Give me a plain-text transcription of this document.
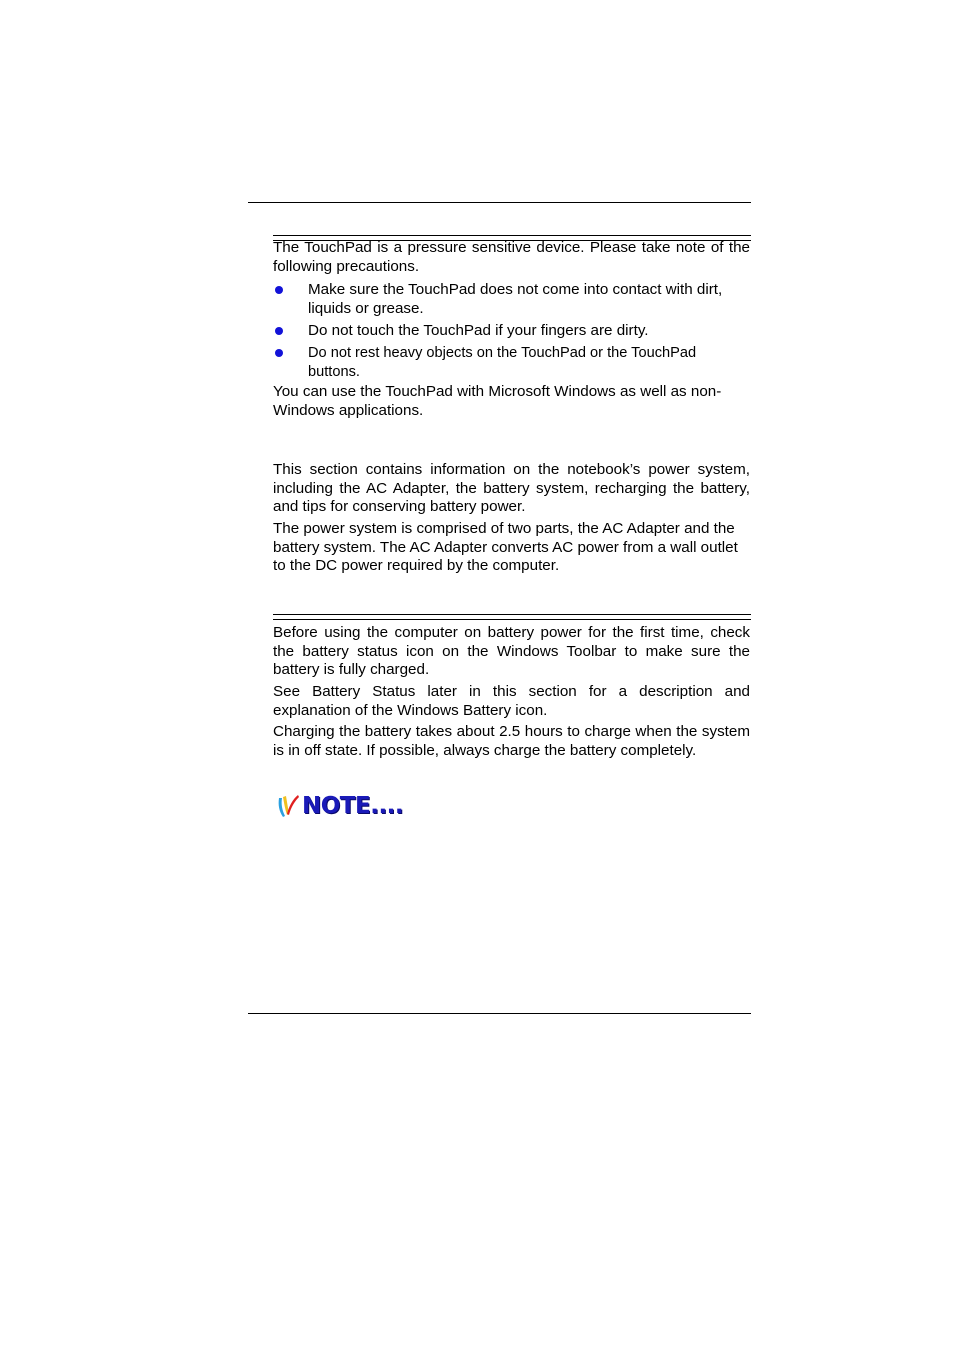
The TouchPad is a pressure sensitive device. Please take note of the following precautions.

Make sure the TouchPad does not come into contact with dirt, liquids or grease.
Do not touch the TouchPad if your fingers are dirty.
Do not rest heavy objects on the TouchPad or the TouchPad buttons.

You can use the TouchPad with Microsoft Windows as well as non-Windows applications.

This section contains information on the notebook’s power system, including the AC Adapter, the battery system, recharging the battery, and tips for conserving battery power.

The power system is comprised of two parts, the AC Adapter and the battery system. The AC Adapter converts AC power from a wall outlet to the DC power required by the computer.

Before using the computer on battery power for the first time, check the battery status icon on the Windows Toolbar to make sure the battery is fully charged.

See Battery Status later in this section for a description and explanation of the Windows Battery icon.

Charging the battery takes about 2.5 hours to charge when the system is in off state. If possible, always charge the battery completely.

NOTE....
